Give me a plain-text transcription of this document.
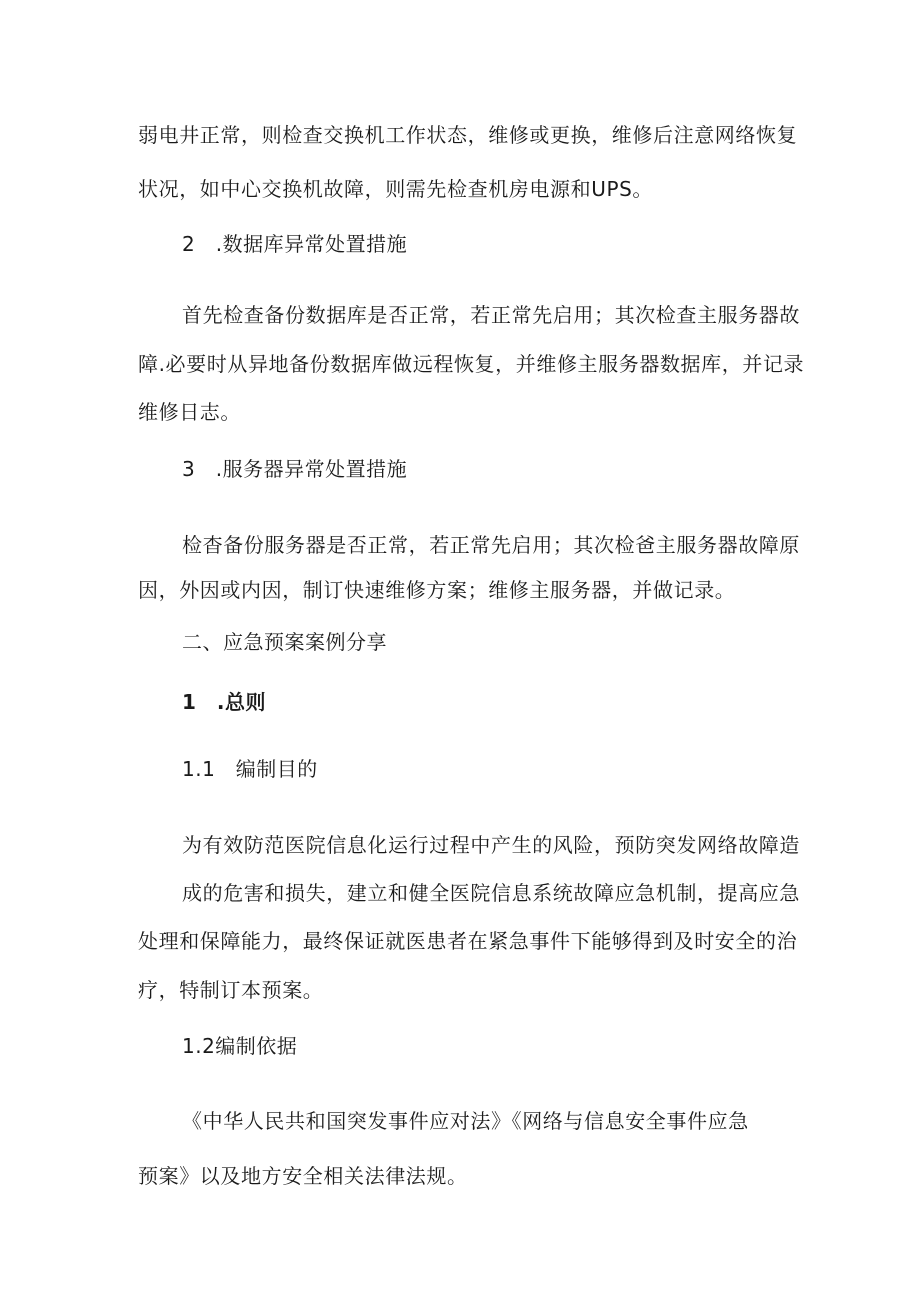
弱电井正常，则检查交换机工作状态，维修或更换，维修后注意网络恢复
状况，如中心交换机故障，则需先检查机房电源和UPS。
2　.数据库异常处置措施
首先检查备份数据库是否正常，若正常先启用；其次检查主服务器故
障.必要时从异地备份数据库做远程恢复，并维修主服务器数据库，并记录
维修日志。
3　.服务器异常处置措施
检杳备份服务器是否正常，若正常先启用；其次检爸主服务器故障原
因，外因或内因，制订快速维修方案；维修主服务器，并做记录。
二、应急预案案例分享
1　.总则
1.1　编制目的
为有效防范医院信息化运行过程中产生的风险，预防突发网络故障造
成的危害和损失，建立和健全医院信息系统故障应急机制，提高应急
处理和保障能力，最终保证就医患者在紧急事件下能够得到及时安全的治
疗，特制订本预案。
1.2编制依据
《中华人民共和国突发事件应对法》《网络与信息安全事件应急
预案》以及地方安全相关法律法规。
